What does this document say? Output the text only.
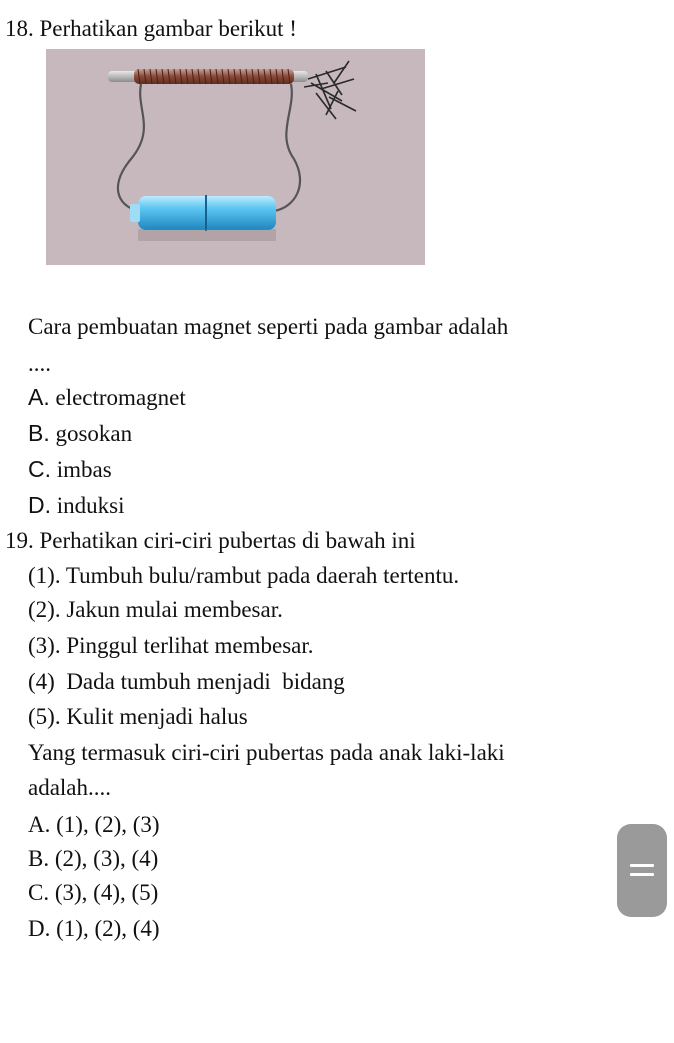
18. Perhatikan gambar berikut !
Cara pembuatan magnet seperti pada gambar adalah
....
A. electromagnet
B. gosokan
C. imbas
D. induksi
19. Perhatikan ciri-ciri pubertas di bawah ini
(1). Tumbuh bulu/rambut pada daerah tertentu.
(2). Jakun mulai membesar.
(3). Pinggul terlihat membesar.
(4)  Dada tumbuh menjadi  bidang
(5). Kulit menjadi halus
Yang termasuk ciri-ciri pubertas pada anak laki-laki
adalah....
A. (1), (2), (3)
B. (2), (3), (4)
C. (3), (4), (5)
D. (1), (2), (4)
